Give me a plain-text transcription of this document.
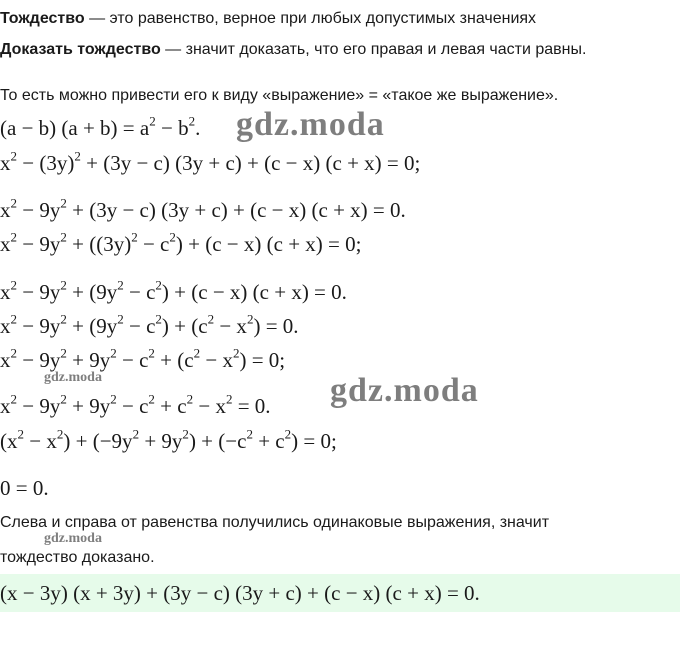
Тождество — это равенство, верное при любых допустимых значениях
Доказать тождество — значит доказать, что его правая и левая части равны.
То есть можно привести его к виду «выражение» = «такое же выражение».
(a − b) $(a + b) = a^2 - b^2$.
$x^2 - (3y)^2 + (3y - c) (3y + c) + (c - x) (c + x) = 0$;
$x^2 - 9y^2 + (3y - c) (3y + c) + (c - x) (c + x) = 0$.
$x^2 - 9y^2 + ((3y)^2 - c^2) + (c - x) (c + x) = 0$;
$x^2 - 9y^2 + (9y^2 - c^2) + (c - x) (c + x) = 0$.
$x^2 - 9y^2 + (9y^2 - c^2) + (c^2 - x^2) = 0$.
$x^2 - 9y^2 + 9y^2 - c^2 + (c^2 - x^2) = 0$;
$x^2 - 9y^2 + 9y^2 - c^2 + c^2 - x^2 = 0$.
$(x^2 - x^2) + (-9y^2 + 9y^2) + (-c^2 + c^2) = 0$;
0 = 0.
Слева и справа от равенства получились одинаковые выражения, значит
тождество доказано.
(x − 3y) (x + 3y) + (3y − c) (3y + c) + (c − x) (c + x) = 0.
gdz.moda
gdz.moda
gdz.moda
gdz.moda
